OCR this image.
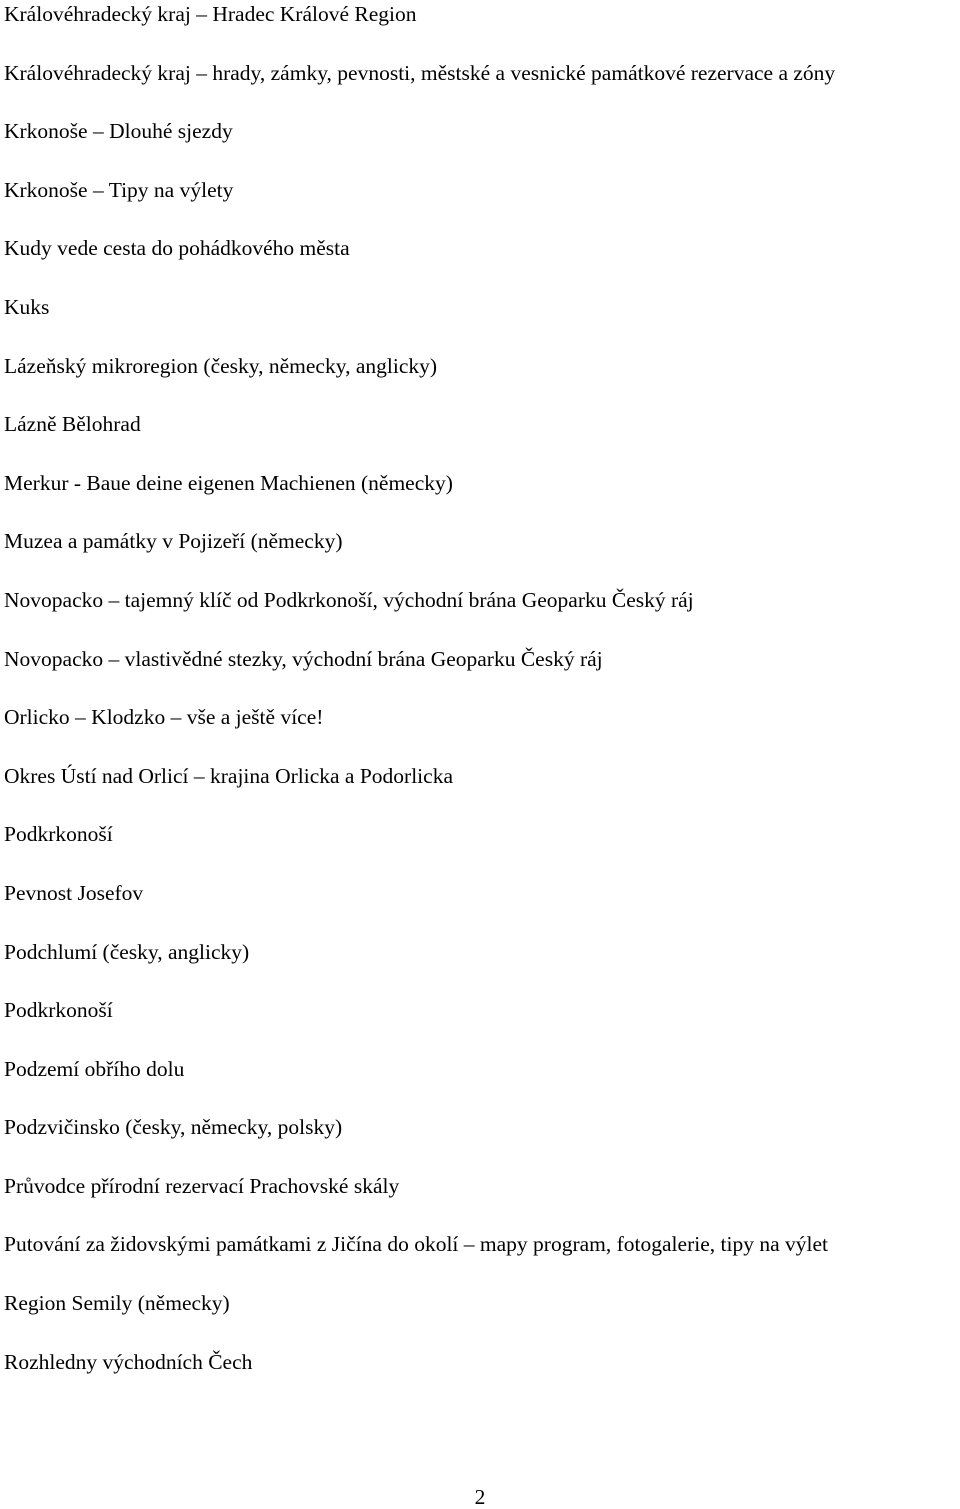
Královéhradecký kraj – Hradec Králové Region
Královéhradecký kraj – hrady, zámky, pevnosti, městské a vesnické památkové rezervace a zóny
Krkonoše – Dlouhé sjezdy
Krkonoše – Tipy na výlety
Kudy vede cesta do pohádkového města
Kuks
Lázeňský mikroregion (česky, německy, anglicky)
Lázně Bělohrad
Merkur - Baue deine eigenen Machienen (německy)
Muzea a památky v Pojizeří (německy)
Novopacko – tajemný klíč od Podkrkonoší, východní brána Geoparku Český ráj
Novopacko – vlastivědné stezky, východní brána Geoparku Český ráj
Orlicko – Klodzko – vše a ještě více!
Okres Ústí nad Orlicí – krajina Orlicka a Podorlicka
Podkrkonoší
Pevnost Josefov
Podchlumí (česky, anglicky)
Podkrkonoší
Podzemí obřího dolu
Podzvičinsko (česky, německy, polsky)
Průvodce přírodní rezervací Prachovské skály
Putování za židovskými památkami z Jičína do okolí – mapy program, fotogalerie, tipy na výlet
Region Semily (německy)
Rozhledny východních Čech
2
